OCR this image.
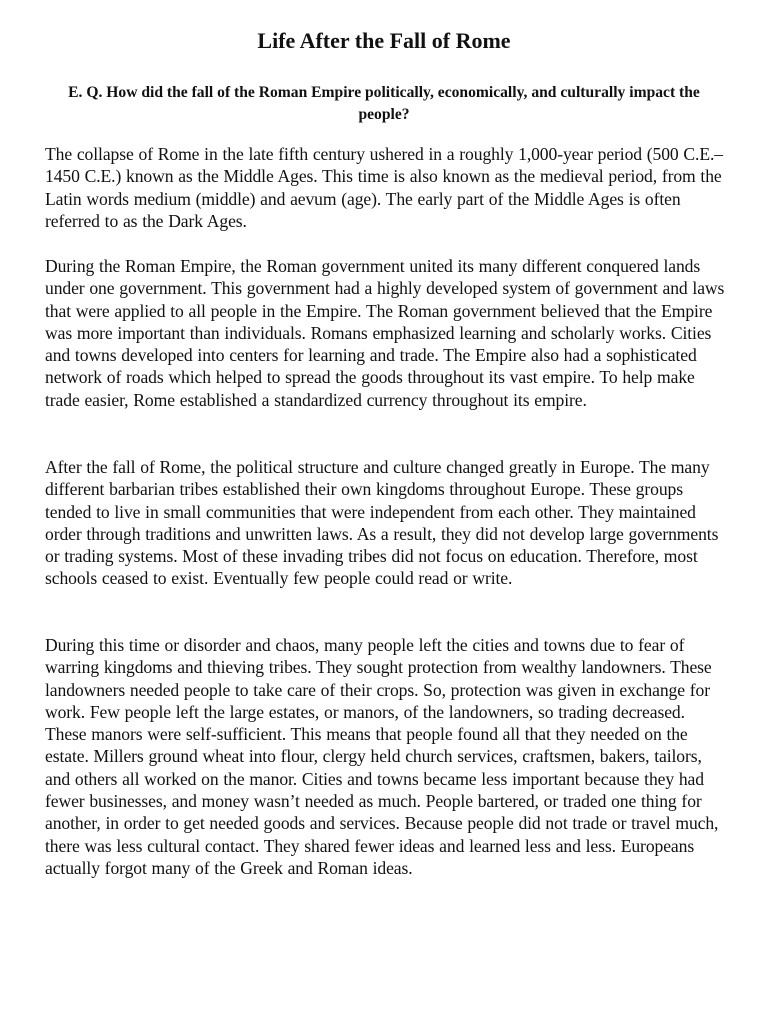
Life After the Fall of Rome

E. Q. How did the fall of the Roman Empire politically, economically, and culturally impact the people?

The collapse of Rome in the late fifth century ushered in a roughly 1,000-year period (500 C.E.–1450 C.E.) known as the Middle Ages. This time is also known as the medieval period, from the Latin words medium (middle) and aevum (age). The early part of the Middle Ages is often referred to as the Dark Ages.

During the Roman Empire, the Roman government united its many different conquered lands under one government. This government had a highly developed system of government and laws that were applied to all people in the Empire. The Roman government believed that the Empire was more important than individuals. Romans emphasized learning and scholarly works. Cities and towns developed into centers for learning and trade. The Empire also had a sophisticated network of roads which helped to spread the goods throughout its vast empire. To help make trade easier, Rome established a standardized currency throughout its empire.

After the fall of Rome, the political structure and culture changed greatly in Europe. The many different barbarian tribes established their own kingdoms throughout Europe. These groups tended to live in small communities that were independent from each other. They maintained order through traditions and unwritten laws. As a result, they did not develop large governments or trading systems. Most of these invading tribes did not focus on education. Therefore, most schools ceased to exist. Eventually few people could read or write.

During this time or disorder and chaos, many people left the cities and towns due to fear of warring kingdoms and thieving tribes. They sought protection from wealthy landowners. These landowners needed people to take care of their crops. So, protection was given in exchange for work. Few people left the large estates, or manors, of the landowners, so trading decreased. These manors were self-sufficient. This means that people found all that they needed on the estate. Millers ground wheat into flour, clergy held church services, craftsmen, bakers, tailors, and others all worked on the manor. Cities and towns became less important because they had fewer businesses, and money wasn’t needed as much. People bartered, or traded one thing for another, in order to get needed goods and services. Because people did not trade or travel much, there was less cultural contact. They shared fewer ideas and learned less and less. Europeans actually forgot many of the Greek and Roman ideas.
